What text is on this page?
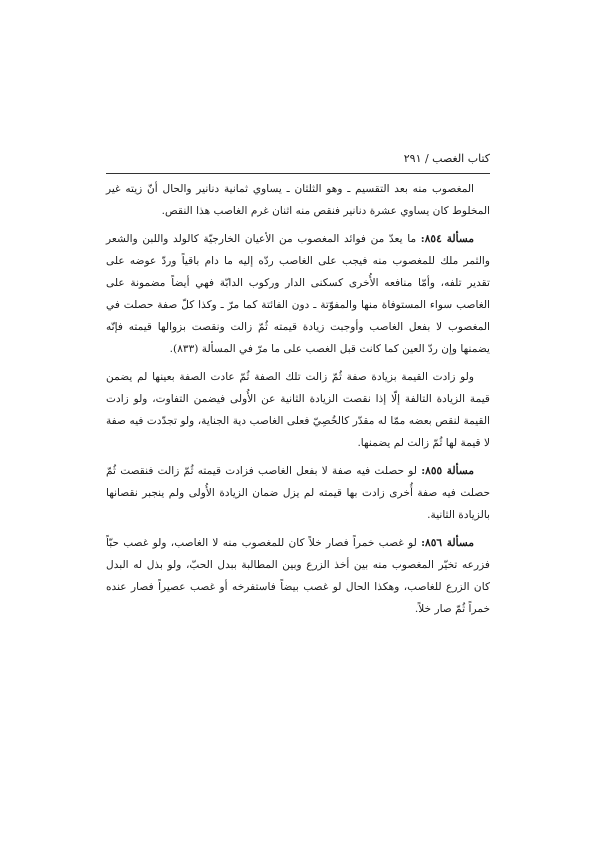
كتاب الغصب / ٢٩١

المغصوب منه بعد التقسيم ـ وهو الثلثان ـ يساوي ثمانية دنانير والحال أنّ زيته غير المخلوط كان يساوي عشرة دنانير فنقص منه اثنان غرم الغاصب هذا النقص.

مسألة ٨٥٤: ما يعدّ من فوائد المغصوب من الأعيان الخارجيّة كالولد واللبن والشعر والثمر ملك للمغصوب منه فيجب على الغاصب ردّه إليه ما دام باقياً وردّ عوضه على تقدير تلفه، وأمّا منافعه الأُخرى كسكنى الدار وركوب الدابّة فهي أيضاً مضمونة على الغاصب سواء المستوفاة منها والمفوّتة ـ دون الفائتة كما مرّ ـ وكذا كلّ صفة حصلت في المغصوب لا بفعل الغاصب وأوجبت زيادة قيمته ثُمّ زالت ونقصت بزوالها قيمته فإنّه يضمنها وإن ردّ العين كما كانت قبل الغصب على ما مرّ في المسألة (٨٣٣).

ولو زادت القيمة بزيادة صفة ثُمّ زالت تلك الصفة ثُمّ عادت الصفة بعينها لم يضمن قيمة الزيادة التالفة إلّا إذا نقصت الزيادة الثانية عن الأُولى فيضمن التفاوت، ولو زادت القيمة لنقص بعضه ممّا له مقدّر كالخُصِيّ فعلى الغاصب دية الجناية، ولو تجدّدت فيه صفة لا قيمة لها ثُمّ زالت لم يضمنها.

مسألة ٨٥٥: لو حصلت فيه صفة لا بفعل الغاصب فزادت قيمته ثُمّ زالت فنقصت ثُمّ حصلت فيه صفة أُخرى زادت بها قيمته لم يزل ضمان الزيادة الأُولى ولم ينجبر نقصانها بالزيادة الثانية.

مسألة ٨٥٦: لو غصب خمراً فصار خلاً كان للمغصوب منه لا الغاصب، ولو غصب حبّاً فزرعه تخيّر المغصوب منه بين أخذ الزرع وبين المطالبة ببدل الحبّ، ولو بذل له البدل كان الزرع للغاصب، وهكذا الحال لو غصب بيضاً فاستفرخه أو غصب عصيراً فصار عنده خمراً ثُمّ صار خلاً.
